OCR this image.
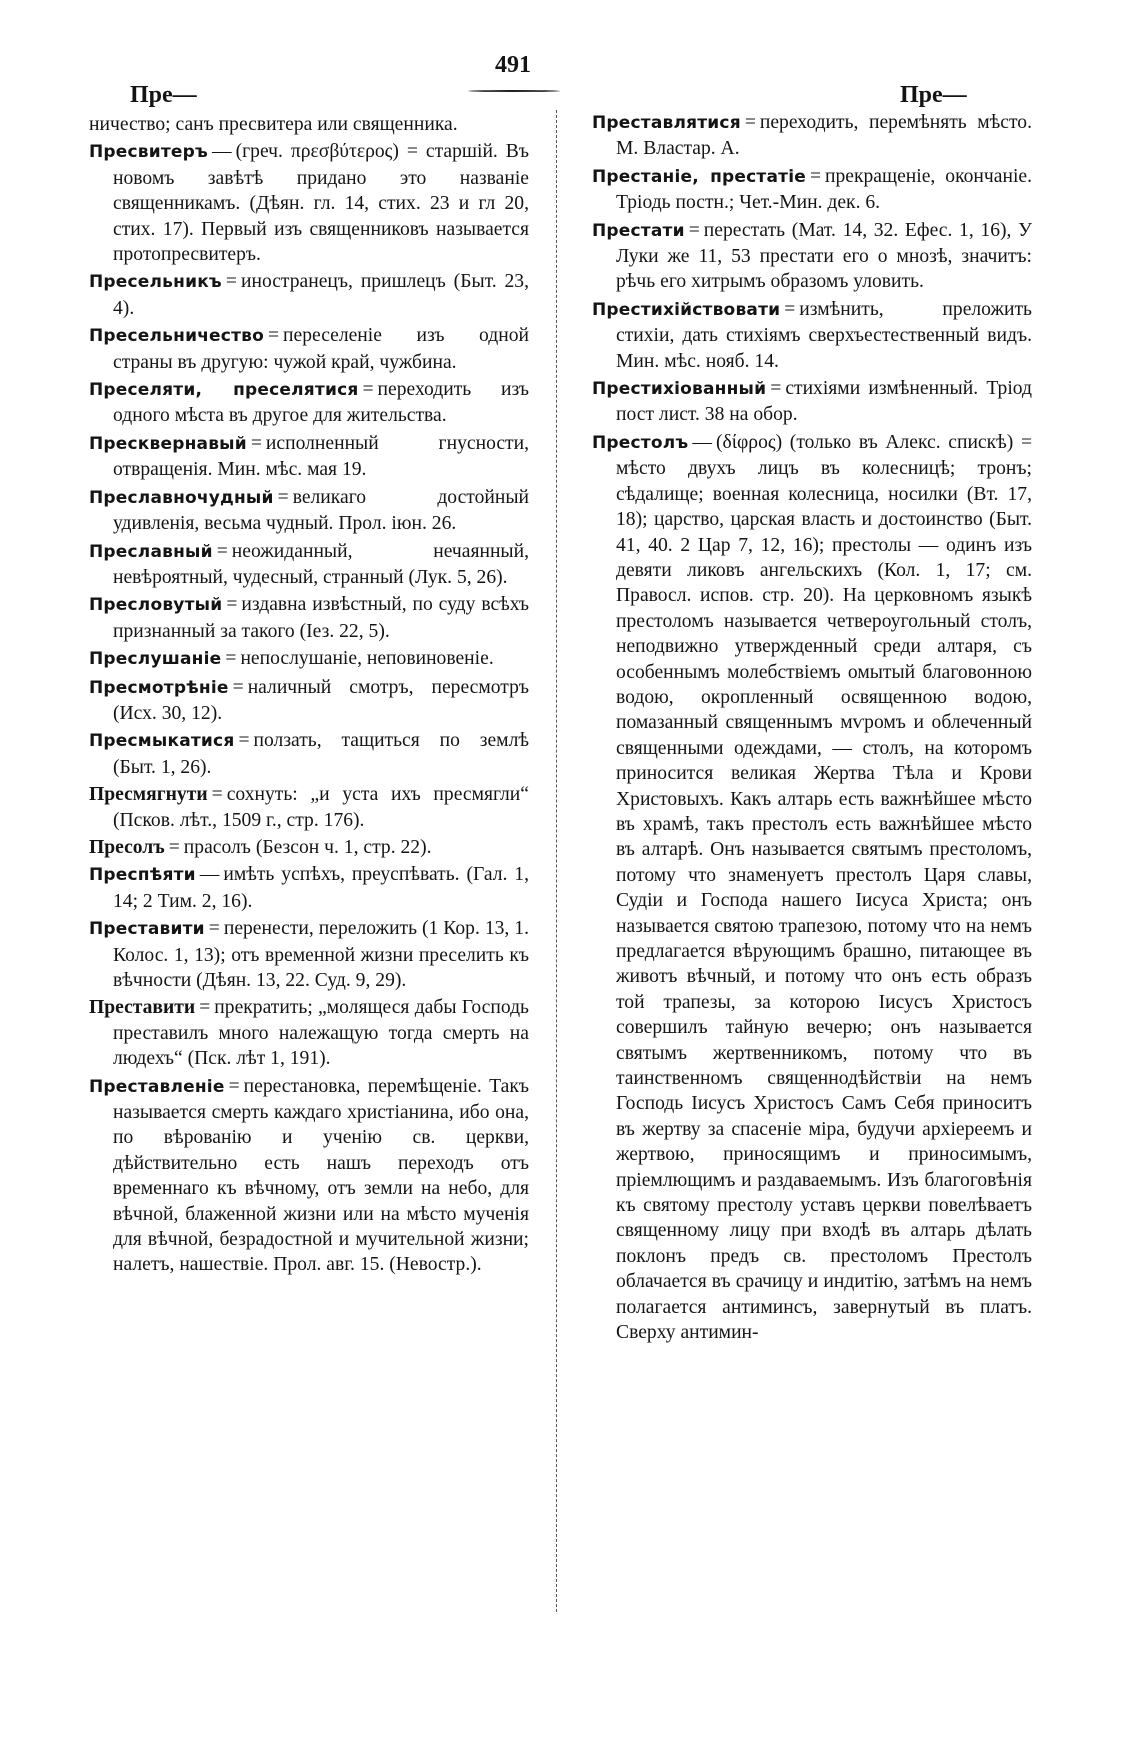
491
Пре—	Пре—

ничество; санъ пресвитера или священника.

Пресвитеръ — (греч. πρεσβύτερος) = старшій. Въ новомъ завѣтѣ придано это названіе священникамъ. (Дѣян. гл. 14, стих. 23 и гл 20, стих. 17). Первый изъ священниковъ называется протопресвитеръ.

Пресельникъ = иностранецъ, пришлецъ (Быт. 23, 4).

Пресельничество = переселеніе изъ одной страны въ другую: чужой край, чужбина.

Преселяти, преселятися = переходить изъ одного мѣста въ другое для жительства.

Пресквернавый = исполненный гнусности, отвращенія. Мин. мѣс. мая 19.

Преславночудный = великаго достойный удивленія, весьма чудный. Прол. іюн. 26.

Преславный = неожиданный, нечаянный, невѣроятный, чудесный, странный (Лук. 5, 26).

Пресловутый = издавна извѣстный, по суду всѣхъ признанный за такого (Іез. 22, 5).

Преслушаніе = непослушаніе, неповиновеніе.

Пресмотрѣніе = наличный смотръ, пересмотръ (Исх. 30, 12).

Пресмыкатися = ползать, тащиться по землѣ (Быт. 1, 26).

Пресмягнути = сохнуть: „и уста ихъ пресмягли“ (Псков. лѣт., 1509 г., стр. 176).

Пресолъ = прасолъ (Безсон ч. 1, стр. 22).

Преспѣяти — имѣть успѣхъ, преуспѣвать. (Гал. 1, 14; 2 Тим. 2, 16).

Преставити = перенести, переложить (1 Кор. 13, 1. Колос. 1, 13); отъ временной жизни преселить къ вѣчности (Дѣян. 13, 22. Суд. 9, 29).

Преставити = прекратить; „молящеся дабы Господь преставилъ много належащую тогда смерть на людехъ“ (Пск. лѣт 1, 191).

Преставленіе = перестановка, перемѣщеніе. Такъ называется смерть каждаго христіанина, ибо она, по вѣрованію и ученію св. церкви, дѣйствительно есть нашъ переходъ отъ временнаго къ вѣчному, отъ земли на небо, для вѣчной, блаженной жизни или на мѣсто мученія для вѣчной, безрадостной и мучительной жизни; налетъ, нашествіе. Прол. авг. 15. (Невостр.).

Преставлятися = переходить, перемѣнять мѣсто. М. Властар. А.

Престаніе, престатіе = прекращеніе, окончаніе. Тріодь постн.; Чет.-Мин. дек. 6.

Престати = перестать (Мат. 14, 32. Ефес. 1, 16), У Луки же 11, 53 престати его о мнозѣ, значитъ: рѣчь его хитрымъ образомъ уловить.

Престихійствовати = измѣнить, преложить стихіи, дать стихіямъ сверхъестественный видъ. Мин. мѣс. нояб. 14.

Престихіованный = стихіями измѣненный. Тріод пост лист. 38 на обор.

Престолъ — (δίφρος) (только въ Алекс. спискѣ) = мѣсто двухъ лицъ въ колесницѣ; тронъ; сѣдалище; военная колесница, носилки (Вт. 17, 18); царство, царская власть и достоинство (Быт. 41, 40. 2 Цар 7, 12, 16); престолы — одинъ изъ девяти ликовъ ангельскихъ (Кол. 1, 17; см. Правосл. испов. стр. 20). На церковномъ языкѣ престоломъ называется четвероугольный столъ, неподвижно утвержденный среди алтаря, съ особеннымъ молебствіемъ омытый благовонною водою, окропленный освященною водою, помазанный священнымъ мѵромъ и облеченный священными одеждами, — столъ, на которомъ приносится великая Жертва Тѣла и Крови Христовыхъ. Какъ алтарь есть важнѣйшее мѣсто въ храмѣ, такъ престолъ есть важнѣйшее мѣсто въ алтарѣ. Онъ называется святымъ престоломъ, потому что знаменуетъ престолъ Царя славы, Судіи и Господа нашего Іисуса Христа; онъ называется святою трапезою, потому что на немъ предлагается вѣрующимъ брашно, питающее въ животъ вѣчный, и потому что онъ есть образъ той трапезы, за которою Іисусъ Христосъ совершилъ тайную вечерю; онъ называется святымъ жертвенникомъ, потому что въ таинственномъ священнодѣйствіи на немъ Господь Іисусъ Христосъ Самъ Себя приноситъ въ жертву за спасеніе міра, будучи архіереемъ и жертвою, приносящимъ и приносимымъ, пріемлющимъ и раздаваемымъ. Изъ благоговѣнія къ святому престолу уставъ церкви повелѣваетъ священному лицу при входѣ въ алтарь дѣлать поклонъ предъ св. престоломъ Престолъ облачается въ срачицу и индитію, затѣмъ на немъ полагается антиминсъ, завернутый въ платъ. Сверху антимин-
